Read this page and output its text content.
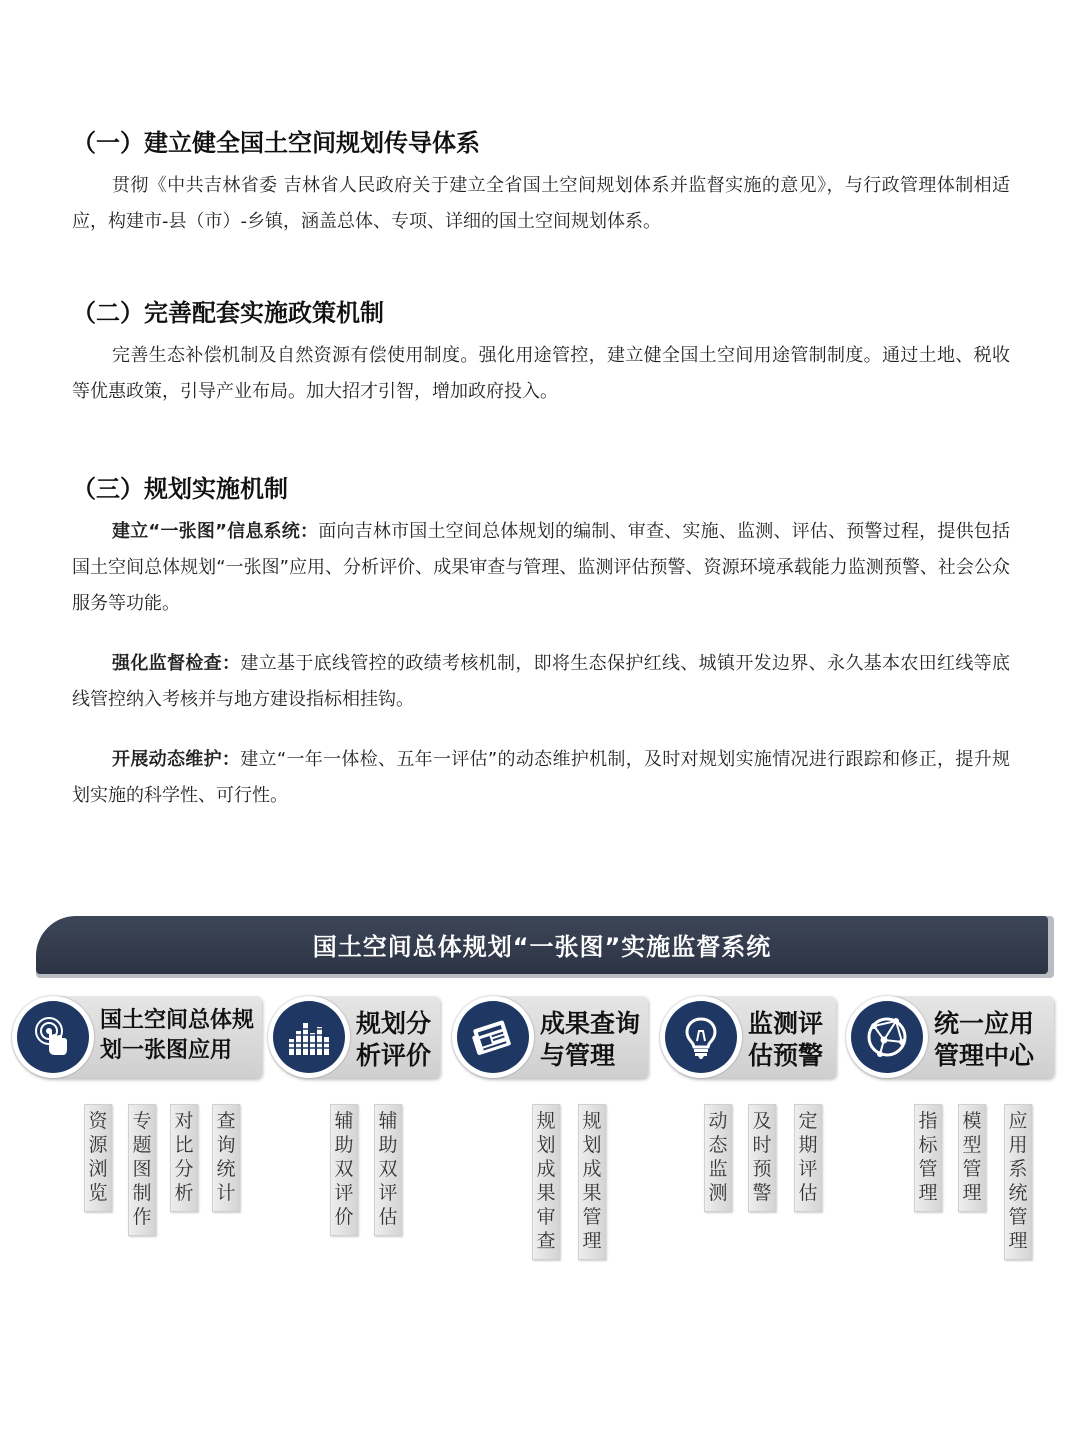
（一）建立健全国土空间规划传导体系

贯彻《中共吉林省委 吉林省人民政府关于建立全省国土空间规划体系并监督实施的意见》，与行政管理体制相适应，构建市-县（市）-乡镇，涵盖总体、专项、详细的国土空间规划体系。

（二）完善配套实施政策机制

完善生态补偿机制及自然资源有偿使用制度。强化用途管控，建立健全国土空间用途管制制度。通过土地、税收等优惠政策，引导产业布局。加大招才引智，增加政府投入。

（三）规划实施机制

建立“一张图”信息系统：面向吉林市国土空间总体规划的编制、审查、实施、监测、评估、预警过程，提供包括国土空间总体规划“一张图”应用、分析评价、成果审查与管理、监测评估预警、资源环境承载能力监测预警、社会公众服务等功能。

强化监督检查：建立基于底线管控的政绩考核机制，即将生态保护红线、城镇开发边界、永久基本农田红线等底线管控纳入考核并与地方建设指标相挂钩。

开展动态维护：建立“一年一体检、五年一评估”的动态维护机制，及时对规划实施情况进行跟踪和修正，提升规划实施的科学性、可行性。

国土空间总体规划“一张图”实施监督系统

国土空间总体规划一张图应用

规划分析评价

成果查询与管理

监测评估预警

统一应用管理中心

资源浏览
专题图制作
对比分析
查询统计
辅助双评价
辅助双评估
规划成果审查
规划成果管理
动态监测
及时预警
定期评估
指标管理
模型管理
应用系统管理
